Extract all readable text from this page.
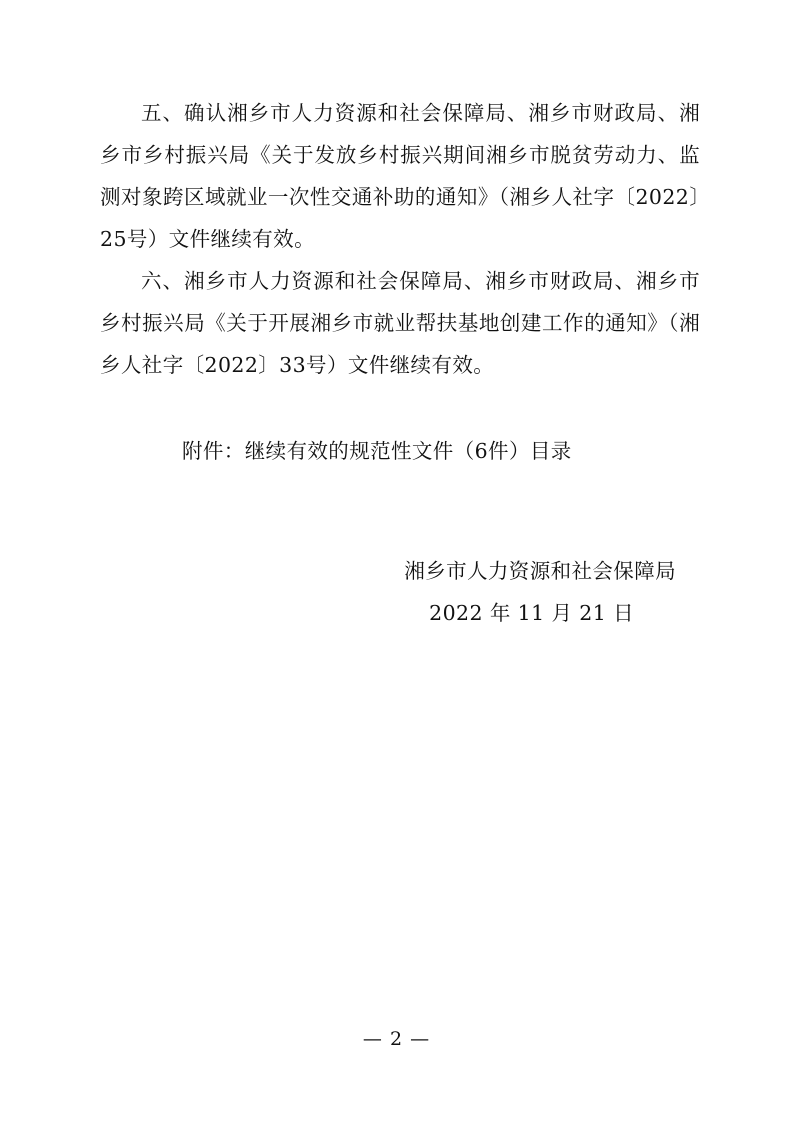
五、确认湘乡市人力资源和社会保障局、湘乡市财政局、湘乡市乡村振兴局《关于发放乡村振兴期间湘乡市脱贫劳动力、监测对象跨区域就业一次性交通补助的通知》（湘乡人社字〔2022〕25号）文件继续有效。

六、湘乡市人力资源和社会保障局、湘乡市财政局、湘乡市乡村振兴局《关于开展湘乡市就业帮扶基地创建工作的通知》（湘乡人社字〔2022〕33号）文件继续有效。

附件：继续有效的规范性文件（6件）目录

湘乡市人力资源和社会保障局
2022 年 11 月 21 日
— 2 —
